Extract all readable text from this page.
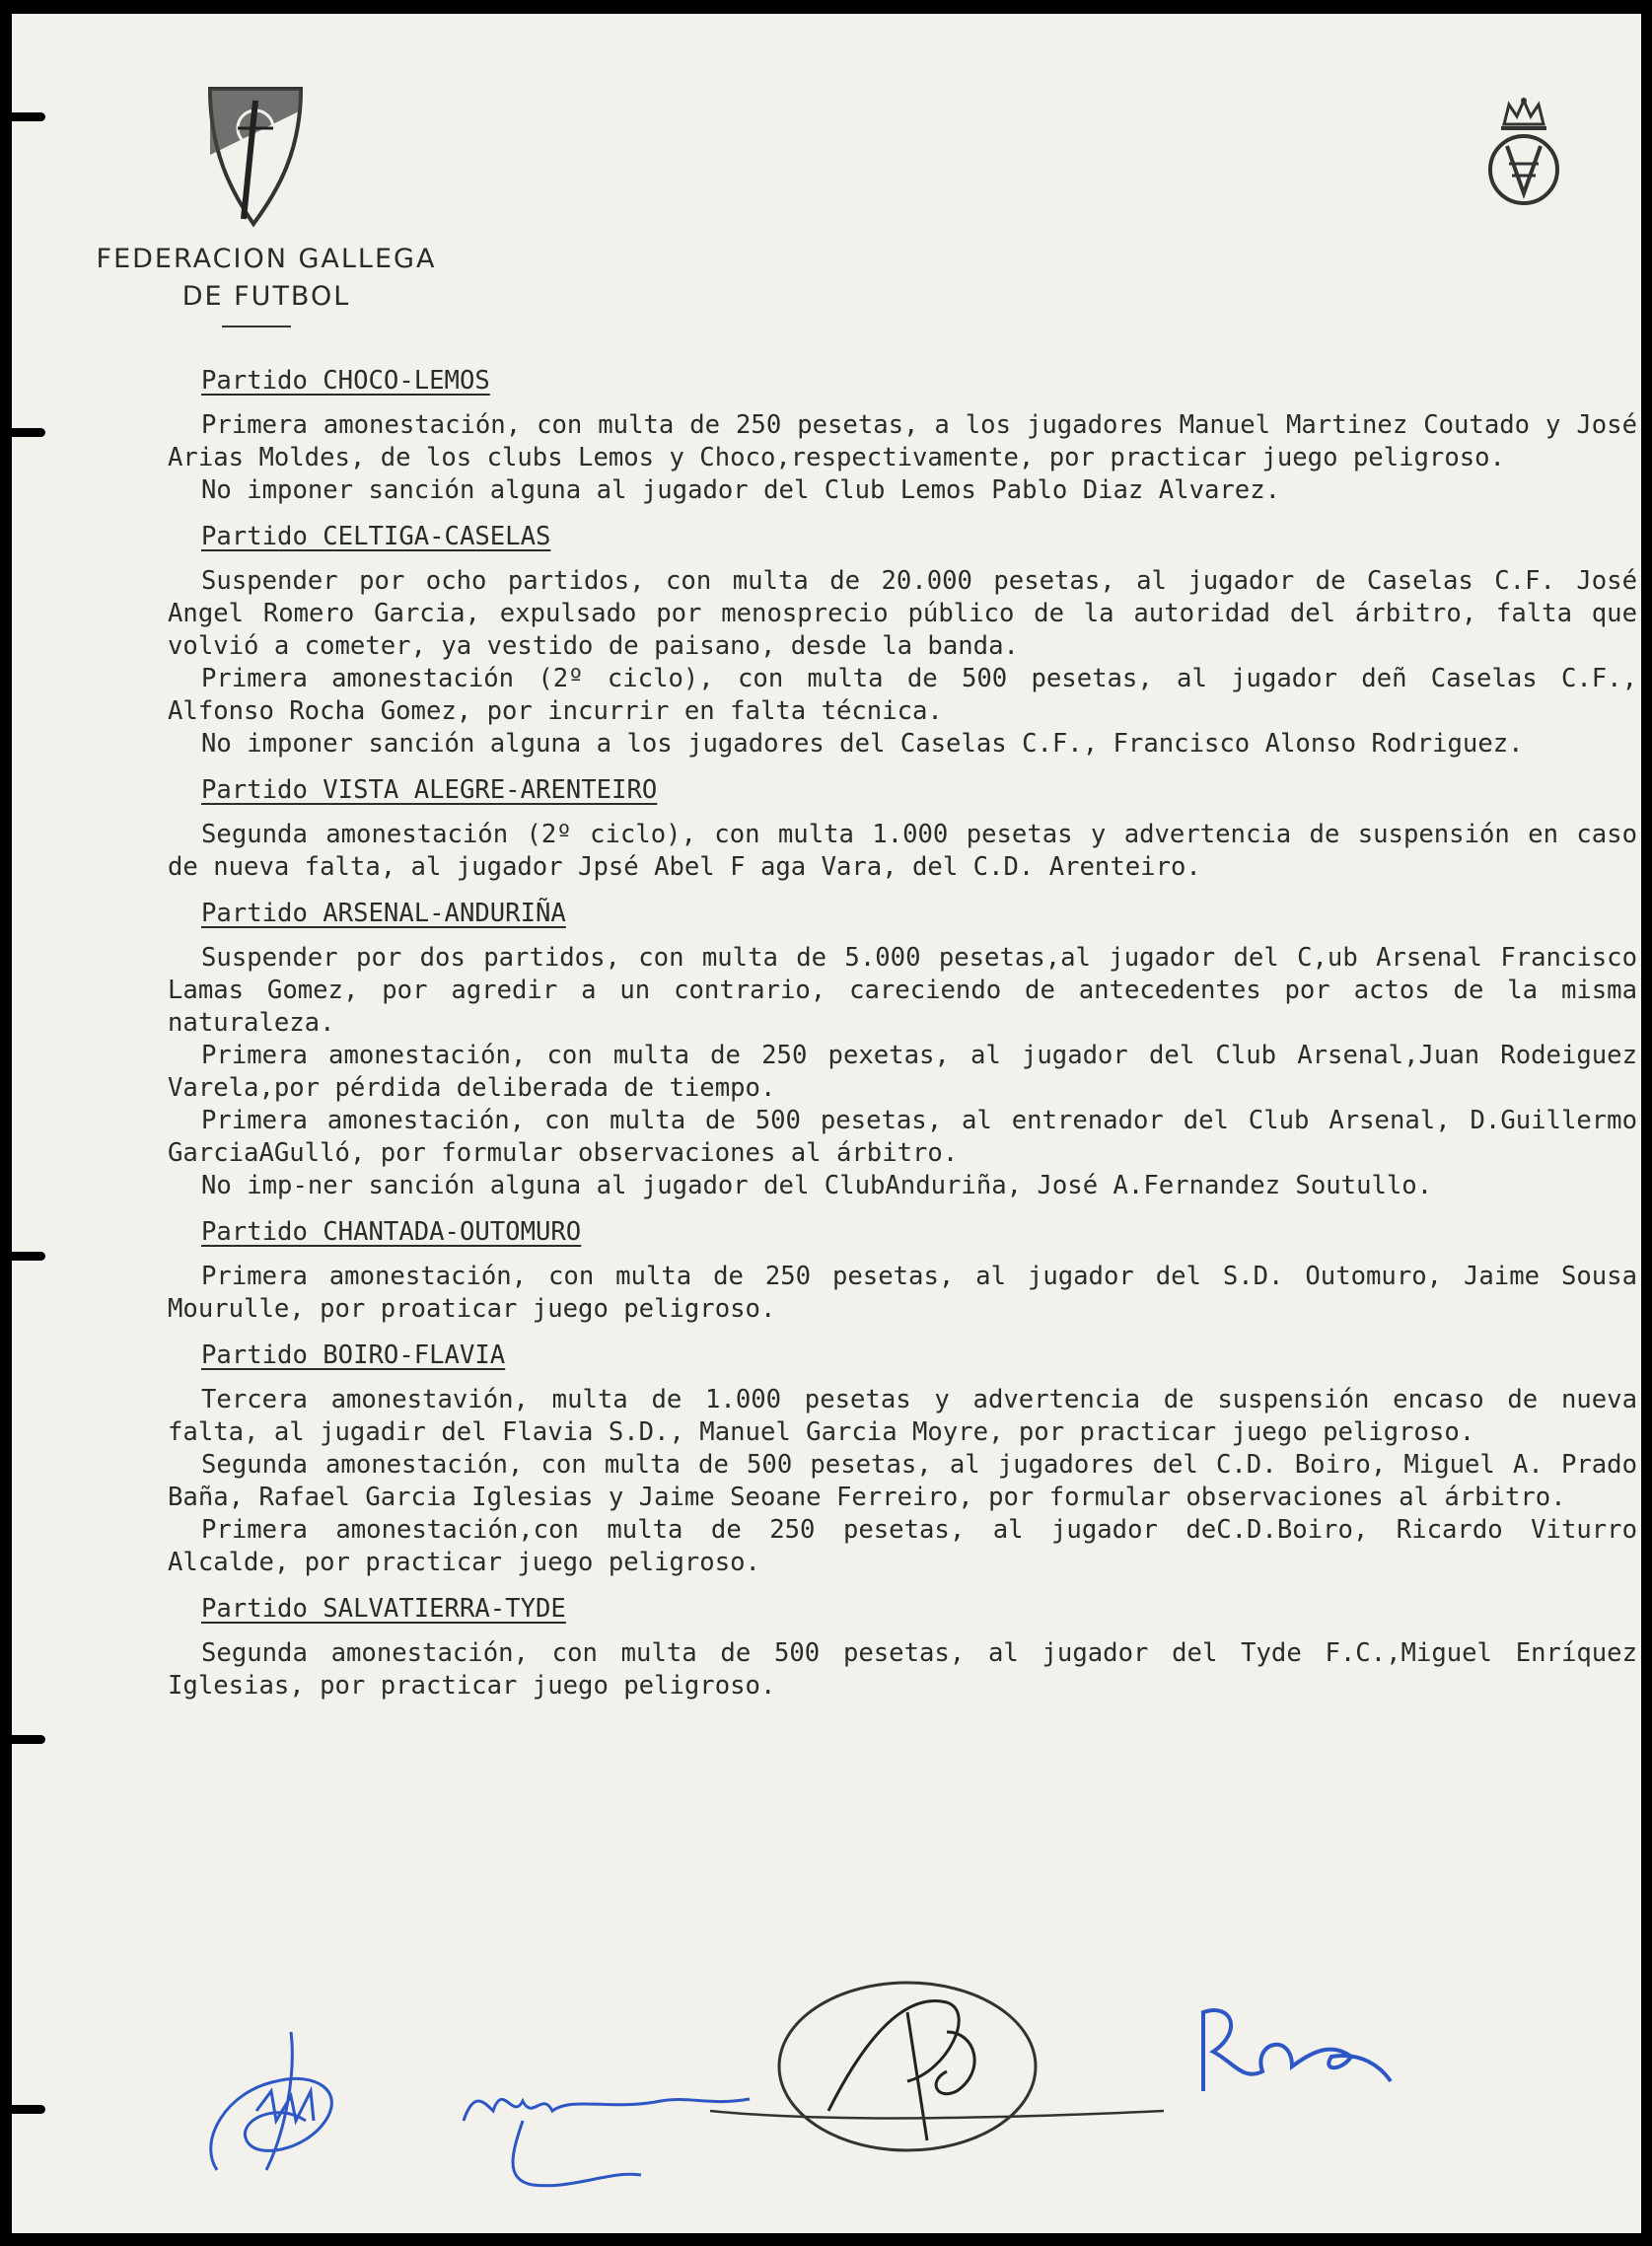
FEDERACION GALLEGA
DE FUTBOL
Partido CHOCO-LEMOS

Primera amonestación, con multa de 250 pesetas, a los jugadores Manuel Martinez Coutado y José Arias Moldes, de los clubs Lemos y Choco,respectivamente, por practicar juego peligroso.

No imponer sanción alguna al jugador del Club Lemos Pablo Diaz Alvarez.

Partido CELTIGA-CASELAS

Suspender por ocho partidos, con multa de 20.000 pesetas, al jugador de Caselas C.F. José Angel Romero Garcia, expulsado por menosprecio público de la autoridad del árbitro, falta que volvió a cometer, ya vestido de paisano, desde la banda.

Primera amonestación (2º ciclo), con multa de 500 pesetas, al jugador deñ Caselas C.F., Alfonso Rocha Gomez, por incurrir en falta técnica.

No imponer sanción alguna a los jugadores del Caselas C.F., Francisco Alonso Rodriguez.

Partido VISTA ALEGRE-ARENTEIRO

Segunda amonestación (2º ciclo), con multa 1.000 pesetas y advertencia de suspensión en caso de nueva falta, al jugador Jpsé Abel F aga Vara, del C.D. Arenteiro.

Partido ARSENAL-ANDURIÑA

Suspender por dos partidos, con multa de 5.000 pesetas,al jugador del C,ub Arsenal Francisco Lamas Gomez, por agredir a un contrario, careciendo de antecedentes por actos de la misma naturaleza.

Primera amonestación, con multa de 250 pexetas, al jugador del Club Arsenal,Juan Rodeiguez Varela,por pérdida deliberada de tiempo.

Primera amonestación, con multa de 500 pesetas, al entrenador del Club Arsenal, D.Guillermo GarciaAGulló, por formular observaciones al árbitro.

No imp-ner sanción alguna al jugador del ClubAnduriña, José A.Fernandez Soutullo.

Partido CHANTADA-OUTOMURO

Primera amonestación, con multa de 250 pesetas, al jugador del S.D. Outomuro, Jaime Sousa Mourulle, por proaticar juego peligroso.

Partido BOIRO-FLAVIA

Tercera amonestavión, multa de 1.000 pesetas y advertencia de suspensión encaso de nueva falta, al jugadir del Flavia S.D., Manuel Garcia Moyre, por practicar juego peligroso.

Segunda amonestación, con multa de 500 pesetas, al jugadores del C.D. Boiro, Miguel A. Prado Baña, Rafael Garcia Iglesias y Jaime Seoane Ferreiro, por formular observaciones al árbitro.

Primera amonestación,con multa de 250 pesetas, al jugador deC.D.Boiro, Ricardo Viturro Alcalde, por practicar juego peligroso.

Partido SALVATIERRA-TYDE

Segunda amonestación, con multa de 500 pesetas, al jugador del Tyde F.C.,Miguel Enríquez Iglesias, por practicar juego peligroso.
